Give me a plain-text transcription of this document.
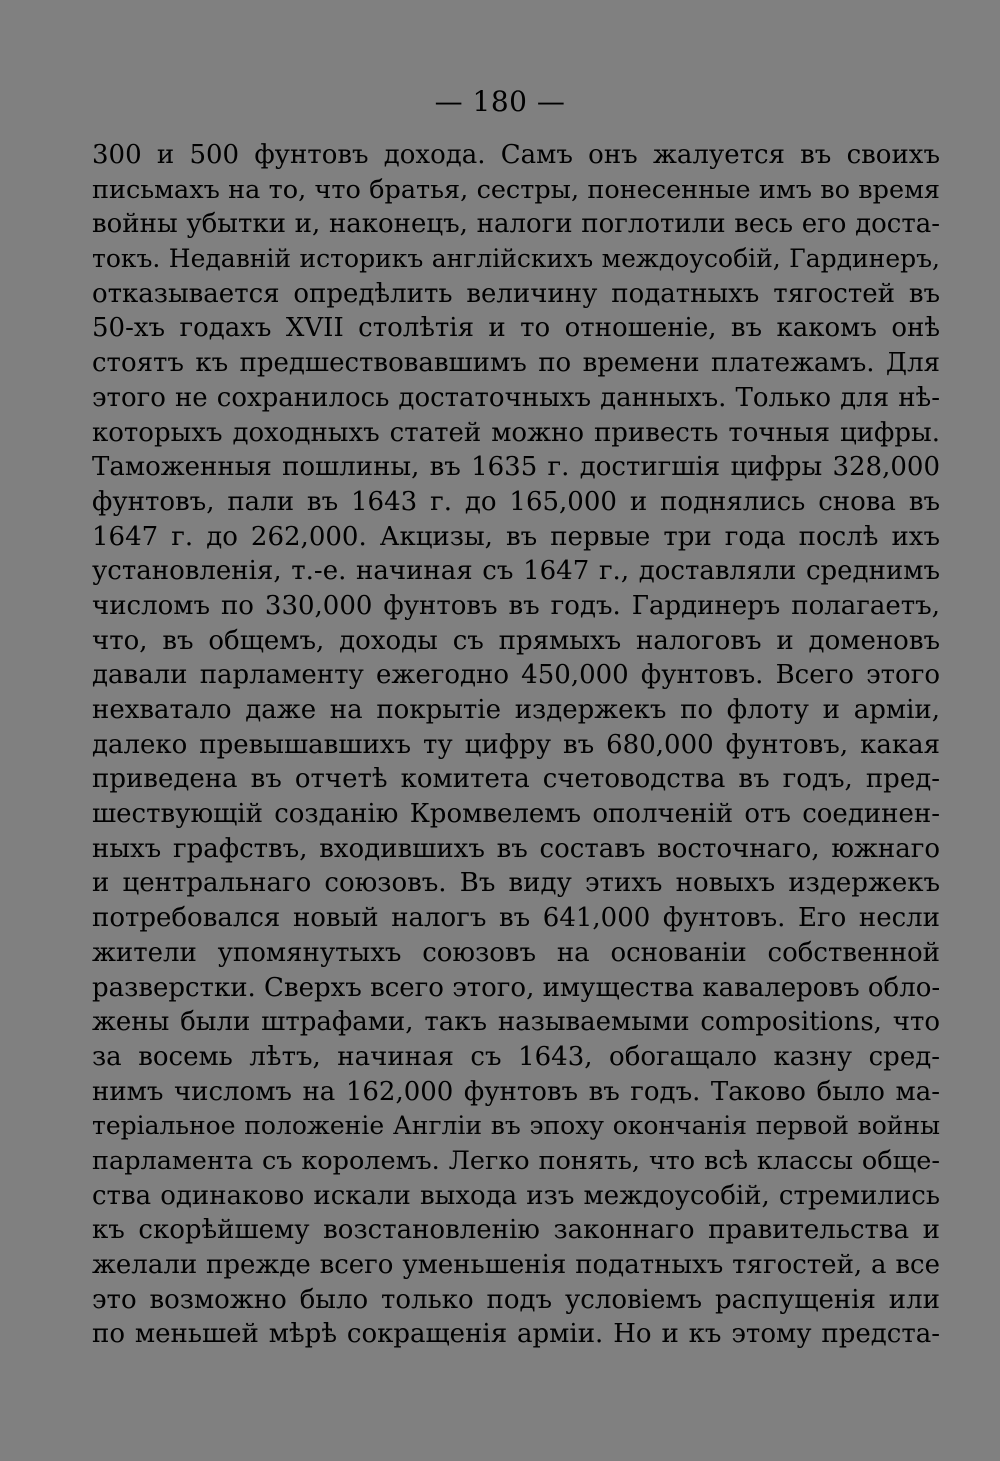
— 180 —
300 и 500 фунтовъ дохода. Самъ онъ жалуется въ своихъ
письмахъ на то, что братья, сестры, понесенные имъ во время
войны убытки и, наконецъ, налоги поглотили весь его доста-
токъ. Недавній историкъ англійскихъ междоусобій, Гардинеръ,
отказывается опредѣлить величину податныхъ тягостей въ
50-хъ годахъ XVII столѣтія и то отношеніе, въ какомъ онѣ
стоятъ къ предшествовавшимъ по времени платежамъ. Для
этого не сохранилось достаточныхъ данныхъ. Только для нѣ-
которыхъ доходныхъ статей можно привесть точныя цифры.
Таможенныя пошлины, въ 1635 г. достигшія цифры 328,000
фунтовъ, пали въ 1643 г. до 165,000 и поднялись снова въ
1647 г. до 262,000. Акцизы, въ первые три года послѣ ихъ
установленія, т.-е. начиная съ 1647 г., доставляли среднимъ
числомъ по 330,000 фунтовъ въ годъ. Гардинеръ полагаетъ,
что, въ общемъ, доходы съ прямыхъ налоговъ и доменовъ
давали парламенту ежегодно 450,000 фунтовъ. Всего этого
нехватало даже на покрытіе издержекъ по флоту и арміи,
далеко превышавшихъ ту цифру въ 680,000 фунтовъ, какая
приведена въ отчетѣ комитета счетоводства въ годъ, пред-
шествующій созданію Кромвелемъ ополченій отъ соединен-
ныхъ графствъ, входившихъ въ составъ восточнаго, южнаго
и центральнаго союзовъ. Въ виду этихъ новыхъ издержекъ
потребовался новый налогъ въ 641,000 фунтовъ. Его несли
жители упомянутыхъ союзовъ на основаніи собственной
разверстки. Сверхъ всего этого, имущества кавалеровъ обло-
жены были штрафами, такъ называемыми compositions, что
за восемь лѣтъ, начиная съ 1643, обогащало казну сред-
нимъ числомъ на 162,000 фунтовъ въ годъ. Таково было ма-
теріальное положеніе Англіи въ эпоху окончанія первой войны
парламента съ королемъ. Легко понять, что всѣ классы обще-
ства одинаково искали выхода изъ междоусобій, стремились
къ скорѣйшему возстановленію законнаго правительства и
желали прежде всего уменьшенія податныхъ тягостей, а все
это возможно было только подъ условіемъ распущенія или
по меньшей мѣрѣ сокращенія арміи. Но и къ этому предста-
